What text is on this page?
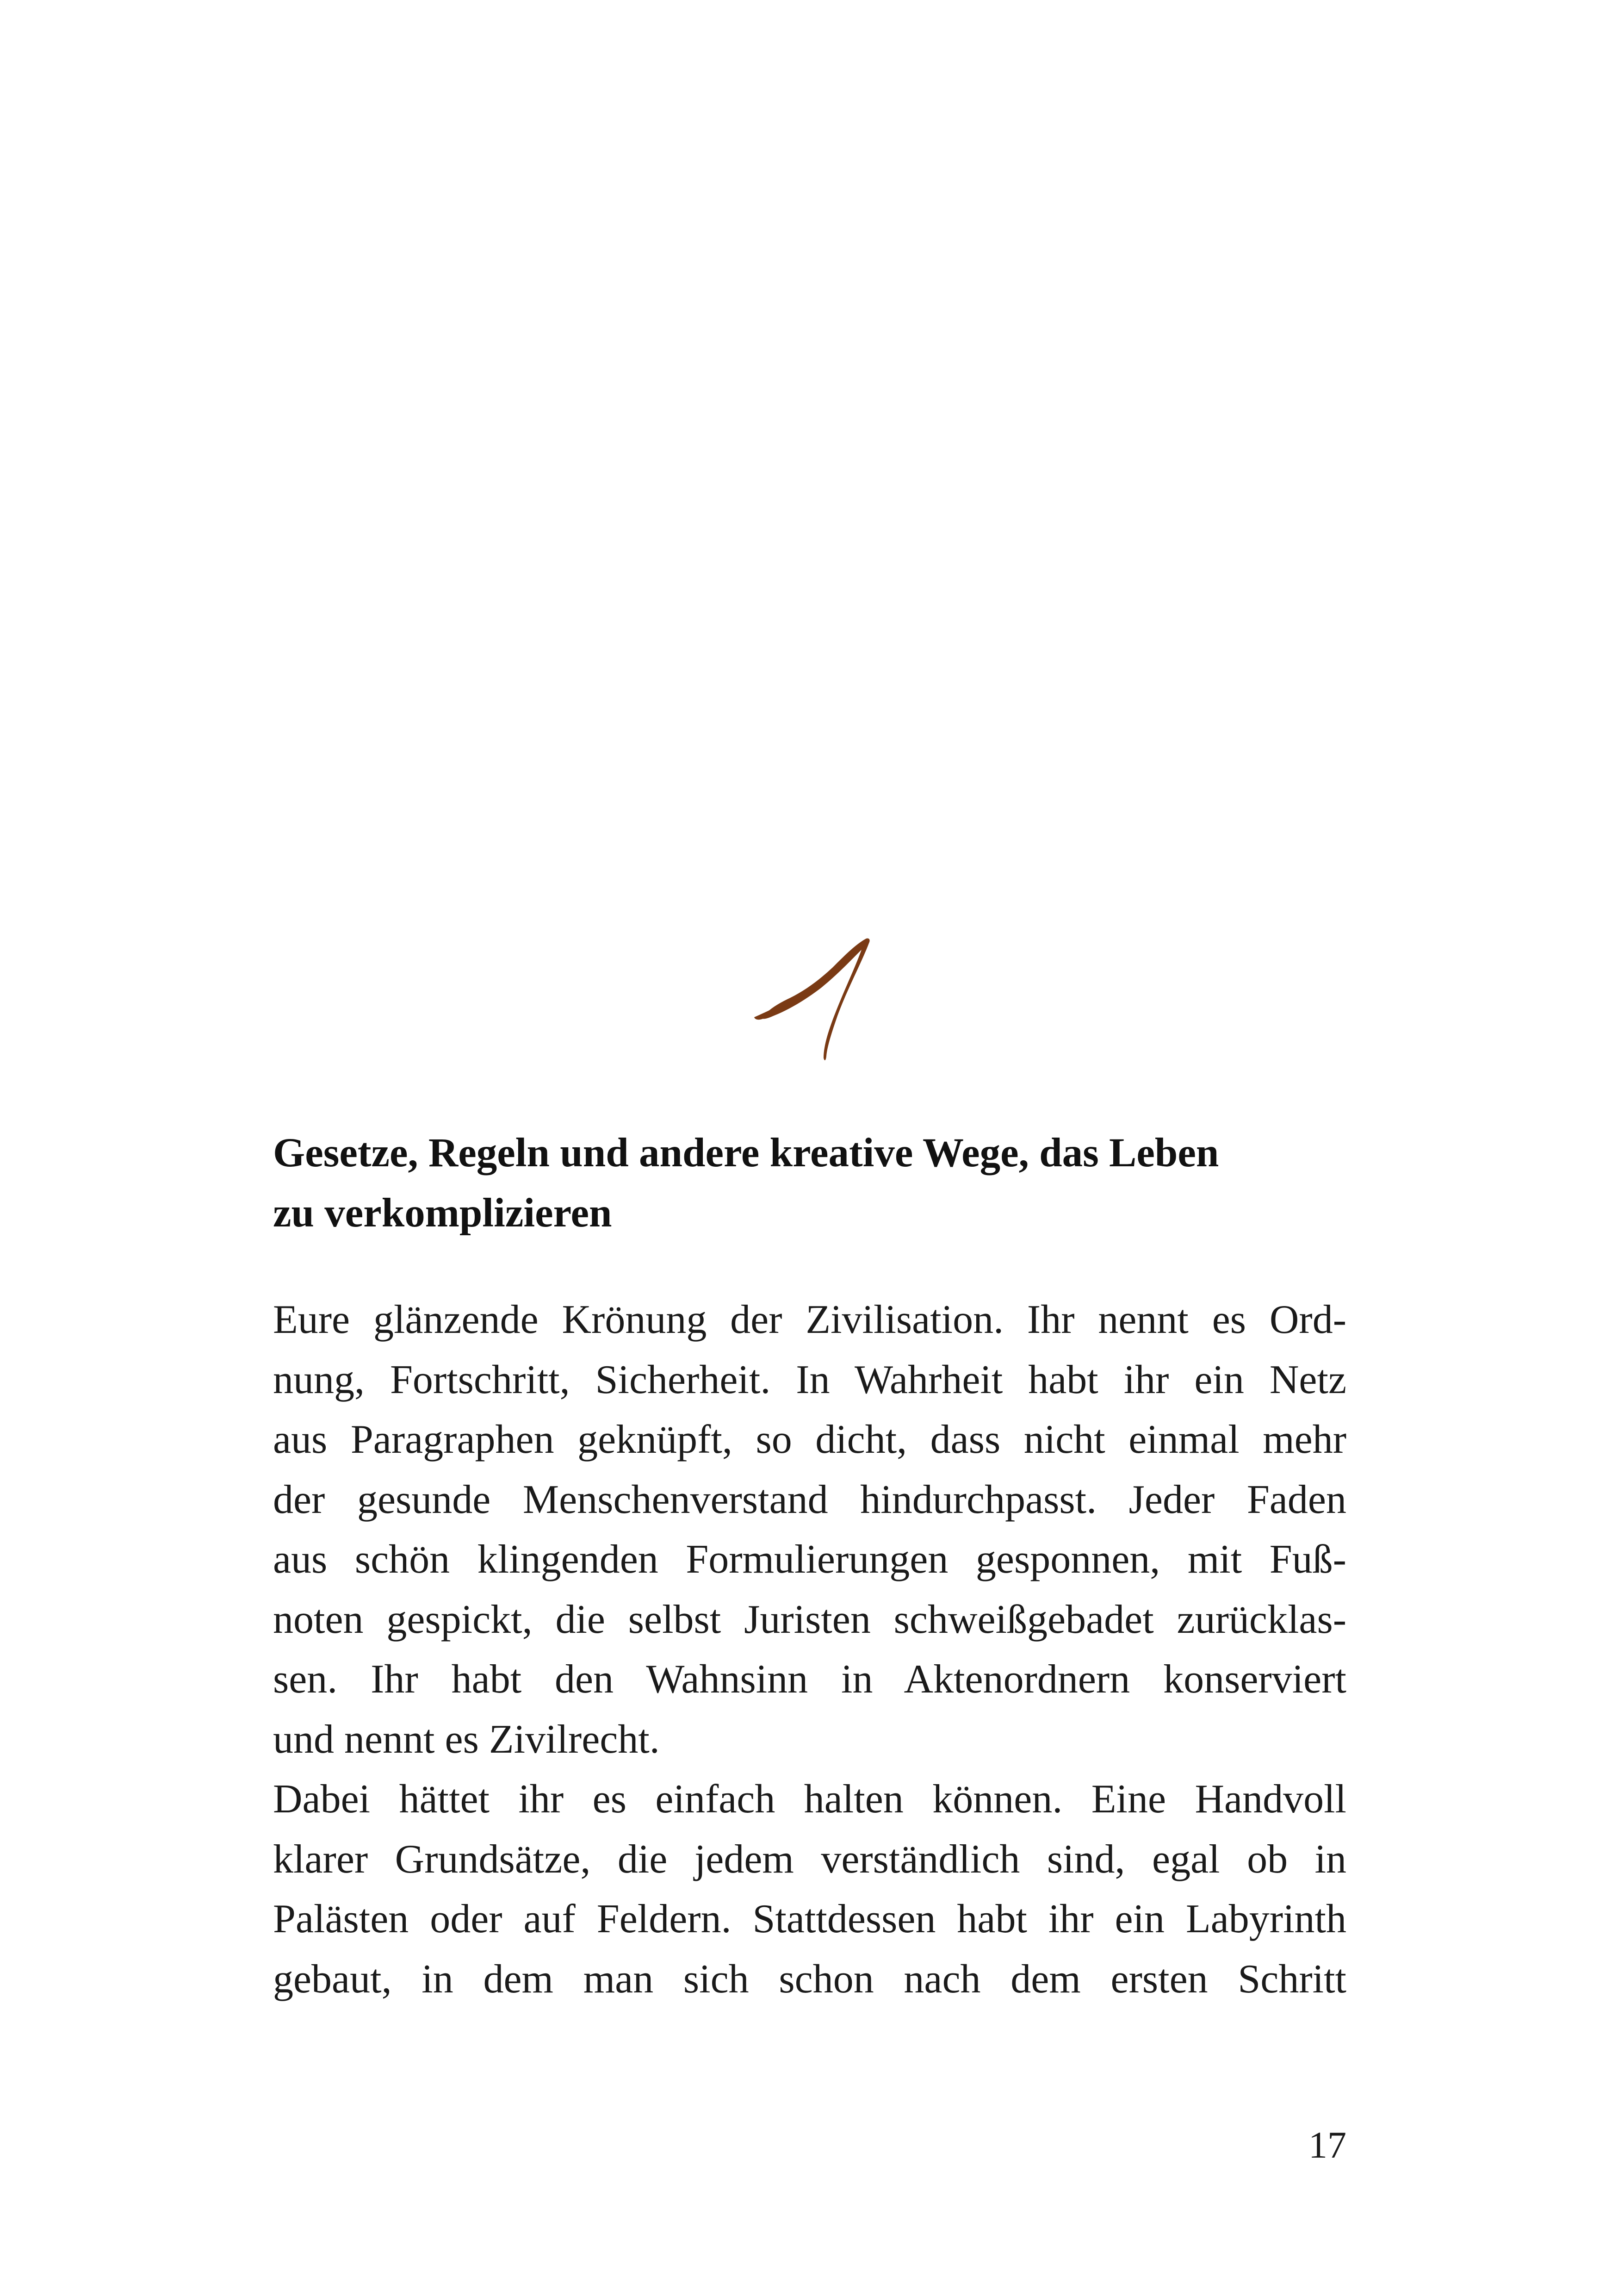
Gesetze, Regeln und andere kreative Wege, das Leben
zu verkomplizieren
Eure glänzende Krönung der Zivilisation. Ihr nennt es Ord-
nung, Fortschritt, Sicherheit. In Wahrheit habt ihr ein Netz
aus Paragraphen geknüpft, so dicht, dass nicht einmal mehr
der gesunde Menschenverstand hindurchpasst. Jeder Faden
aus schön klingenden Formulierungen gesponnen, mit Fuß-
noten gespickt, die selbst Juristen schweißgebadet zurücklas-
sen. Ihr habt den Wahnsinn in Aktenordnern konserviert
und nennt es Zivilrecht.
Dabei hättet ihr es einfach halten können. Eine Handvoll
klarer Grundsätze, die jedem verständlich sind, egal ob in
Palästen oder auf Feldern. Stattdessen habt ihr ein Labyrinth
gebaut, in dem man sich schon nach dem ersten Schritt
17
